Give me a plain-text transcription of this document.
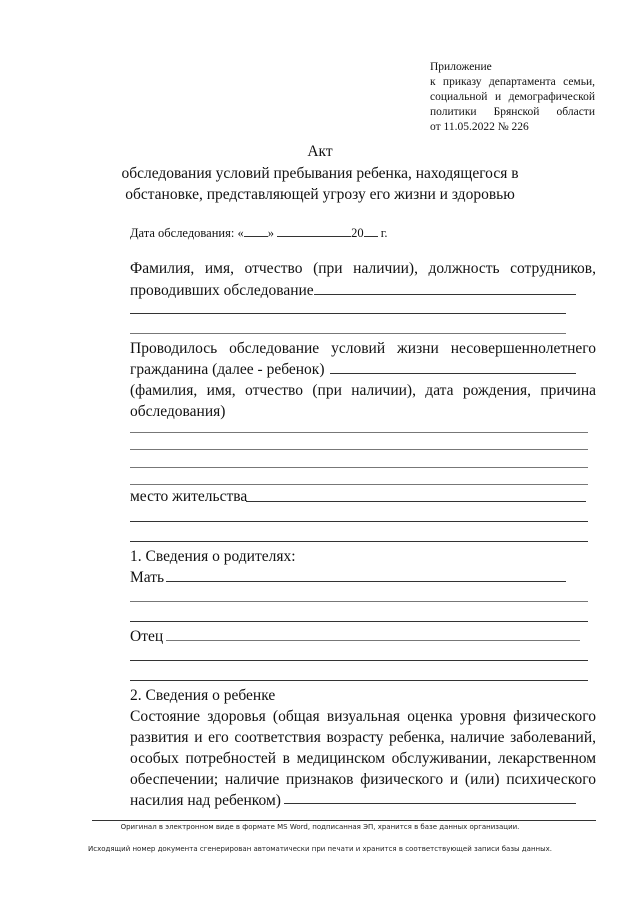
Приложение
к приказу департамента семьи,
социальной и демографической
политики Брянской области
от 11.05.2022 № 226
Акт
обследования условий пребывания ребенка, находящегося в
обстановке, представляющей угрозу его жизни и здоровью
Дата обследования: « »	20 г.
Фамилия, имя, отчество (при наличии), должность сотрудников,
проводивших обследование
Проводилось обследование условий жизни несовершеннолетнего
гражданина (далее - ребенок)
(фамилия, имя, отчество (при наличии), дата рождения, причина
обследования)
место жительства
1. Сведения о родителях:
Мать
Отец
2. Сведения о ребенке
Состояние здоровья (общая визуальная оценка уровня физического
развития и его соответствия возрасту ребенка, наличие заболеваний,
особых потребностей в медицинском обслуживании, лекарственном
обеспечении; наличие признаков физического и (или) психического
насилия над ребенком)
Оригинал в электронном виде в формате MS Word, подписанная ЭП, хранится в базе данных организации.
Исходящий номер документа сгенерирован автоматически при печати и хранится в соответствующей записи базы данных.
